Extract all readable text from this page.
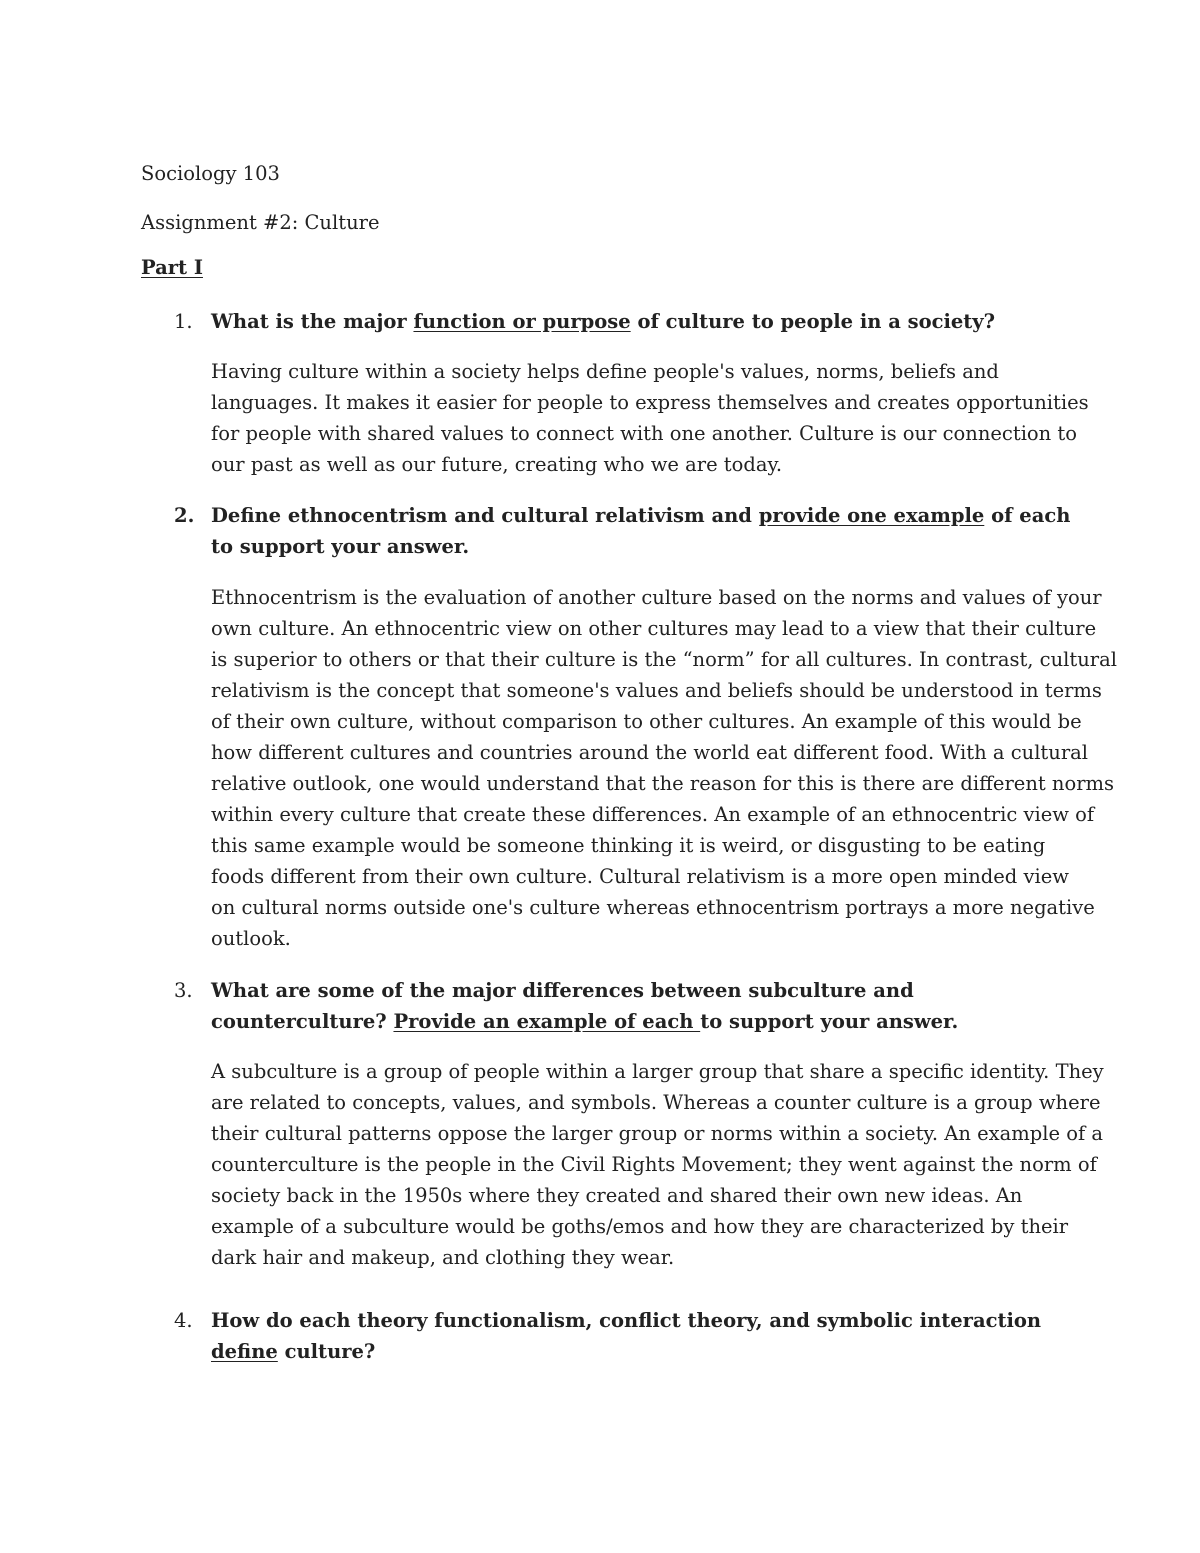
Sociology 103
Assignment #2: Culture
Part I
1. What is the major function or purpose of culture to people in a society?
Having culture within a society helps define people's values, norms, beliefs and
languages. It makes it easier for people to express themselves and creates opportunities
for people with shared values to connect with one another. Culture is our connection to
our past as well as our future, creating who we are today.
2. Define ethnocentrism and cultural relativism and provide one example of each to support your answer.
Ethnocentrism is the evaluation of another culture based on the norms and values of your
own culture. An ethnocentric view on other cultures may lead to a view that their culture
is superior to others or that their culture is the “norm” for all cultures. In contrast, cultural
relativism is the concept that someone's values and beliefs should be understood in terms
of their own culture, without comparison to other cultures. An example of this would be
how different cultures and countries around the world eat different food. With a cultural
relative outlook, one would understand that the reason for this is there are different norms
within every culture that create these differences. An example of an ethnocentric view of
this same example would be someone thinking it is weird, or disgusting to be eating
foods different from their own culture. Cultural relativism is a more open minded view
on cultural norms outside one's culture whereas ethnocentrism portrays a more negative
outlook.
3. What are some of the major differences between subculture and counterculture? Provide an example of each to support your answer.
A subculture is a group of people within a larger group that share a specific identity. They
are related to concepts, values, and symbols. Whereas a counter culture is a group where
their cultural patterns oppose the larger group or norms within a society. An example of a
counterculture is the people in the Civil Rights Movement; they went against the norm of
society back in the 1950s where they created and shared their own new ideas. An
example of a subculture would be goths/emos and how they are characterized by their
dark hair and makeup, and clothing they wear.
4. How do each theory functionalism, conflict theory, and symbolic interaction define culture?
